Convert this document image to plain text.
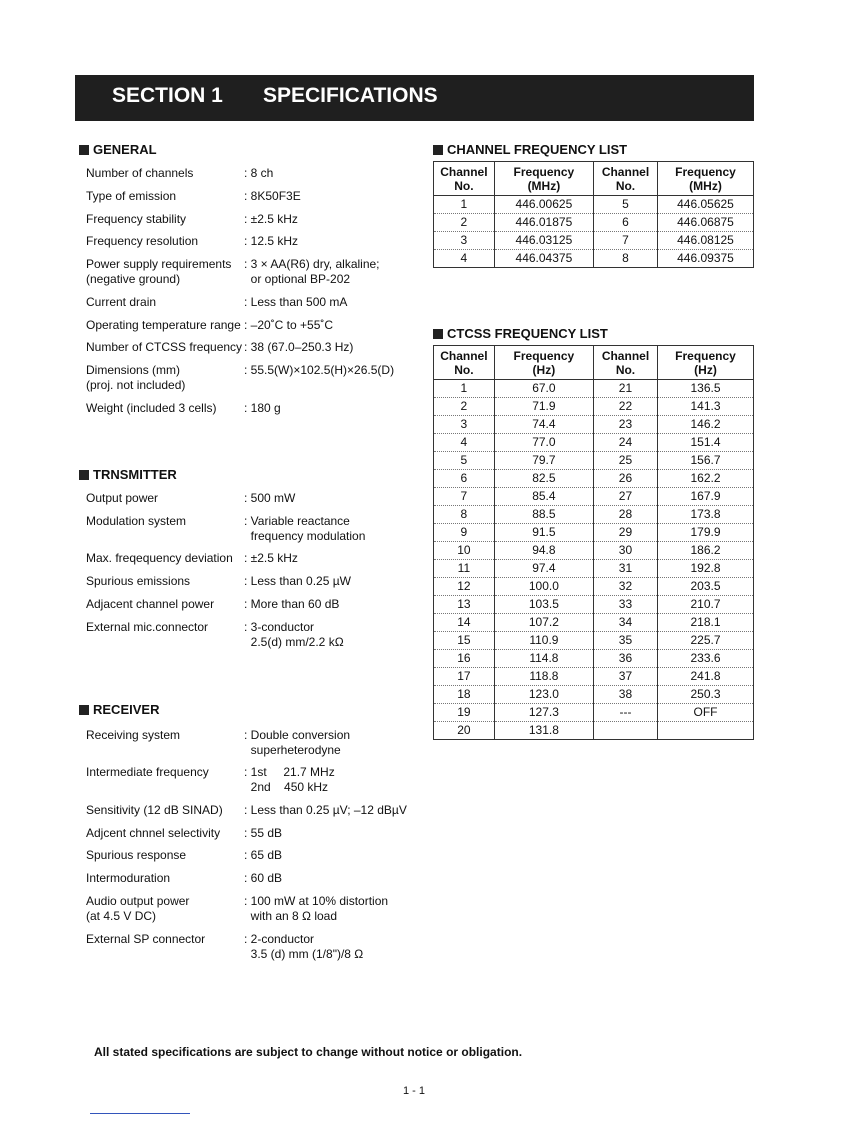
SECTION 1 SPECIFICATIONS
GENERAL
Number of channels	: 8 ch
Type of emission	: 8K50F3E
Frequency stability	: ±2.5 kHz
Frequency resolution	: 12.5 kHz
Power supply requirements
(negative ground)
: 3 × AA(R6) dry, alkaline;
or optional BP-202
Current drain	: Less than 500 mA
Operating temperature range : –20˚C to +55˚C
Number of CTCSS frequency : 38 (67.0–250.3 Hz)
Dimensions (mm)
(proj. not included)
: 55.5(W)×102.5(H)×26.5(D)
Weight (included 3 cells) : 180 g
TRNSMITTER
Output power	: 500 mW
Modulation system	: Variable reactance
frequency modulation
Max. freqequency deviation : ±2.5 kHz
Spurious emissions	: Less than 0.25 µW
Adjacent channel power : More than 60 dB
External mic.connector	: 3-conductor
2.5(d) mm/2.2 kΩ
RECEIVER
Receiving system	: Double conversion
superheterodyne
Intermediate frequency	: 1st     21.7 MHz
2nd    450 kHz
Sensitivity (12 dB SINAD) : Less than 0.25 µV; –12 dBµV
Adjcent chnnel selectivity : 55 dB
Spurious response	: 65 dB
Intermoduration	: 60 dB
Audio output power
(at 4.5 V DC)
: 100 mW at 10% distortion
with an 8 Ω load
External SP connector	: 2-conductor
3.5 (d) mm (1/8")/8 Ω
CHANNEL FREQUENCY LIST
Channel
No.	Frequency
(MHz)	Channel
No.	Frequency
(MHz)
1	446.00625	5	446.05625
2	446.01875	6	446.06875
3	446.03125	7	446.08125
4	446.04375	8	446.09375
CTCSS FREQUENCY LIST
Channel
No.	Frequency
(Hz)	Channel
No.	Frequency
(Hz)
1	67.0	21	136.5
2	71.9	22	141.3
3	74.4	23	146.2
4	77.0	24	151.4
5	79.7	25	156.7
6	82.5	26	162.2
7	85.4	27	167.9
8	88.5	28	173.8
9	91.5	29	179.9
10	94.8	30	186.2
11	97.4	31	192.8
12	100.0	32	203.5
13	103.5	33	210.7
14	107.2	34	218.1
15	110.9	35	225.7
16	114.8	36	233.6
17	118.8	37	241.8
18	123.0	38	250.3
19	127.3	---	OFF
20	131.8		
All stated specifications are subject to change without notice or obligation.
1 - 1
